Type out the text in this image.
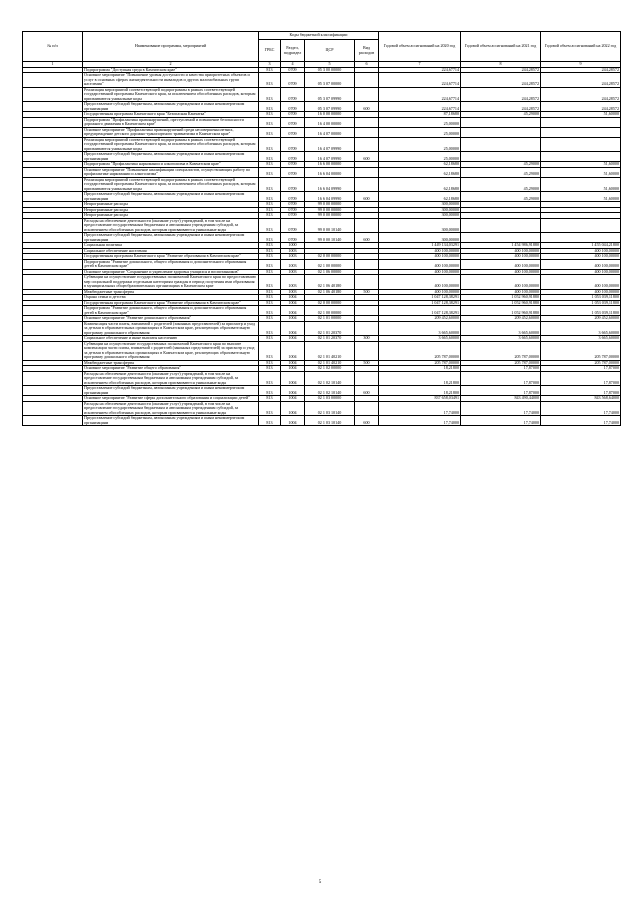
№ п/п	Наименование программы, мероприятий	Коды бюджетной классификации				Годовой объем ассигнований на 2020 год	Годовой объем ассигнований на 2021 год	Годовой объем ассигнований на 2022 год
		ГРБС	Раздел, подраздел	ЦСР	Вид расходов			
1	2	3	4	5	6	7	8	9
	Подпрограмма "Доступная среда в Камчатском крае"	813	0709	05 3 00 00000		224,67714	244,28572	244,28572
	Основное мероприятие "Повышение уровня доступности и качества приоритетных объектов и услуг в основных сферах жизнедеятельности инвалидов и других маломобильных групп населения"	813	0709	05 3 07 00000		224,67714	244,28572	244,28572
	Реализация мероприятий соответствующей подпрограммы в рамках соответствующей государственной программы Камчатского края, за исключением обособленных расходов, которым присваиваются уникальные коды	813	0709	05 3 07 09990		224,67714	244,28572	244,28572
	Предоставление субсидий бюджетным, автономным учреждениям и иным некоммерческим организациям	813	0709	05 3 07 09990	600	224,67714	244,28572	244,28572
	Государственная программа Камчатского края "Безопасная Камчатка"	813	0709	16 0 00 00000		87,18680	45,29000	51,60000
	Подпрограмма "Профилактика правонарушений, преступлений и повышение безопасности дорожного движения в Камчатском крае"	813	0709	16 4 00 00000		25,00000		
	Основное мероприятие "Профилактика правонарушений среди несовершеннолетних, предупреждение детского дорожно-транспортного травматизма в Камчатском крае"	813	0709	16 4 07 00000		25,00000		
	Реализация мероприятий соответствующей подпрограммы в рамках соответствующей государственной программы Камчатского края, за исключением обособленных расходов, которым присваиваются уникальные коды	813	0709	16 4 07 09990		25,00000		
	Предоставление субсидий бюджетным, автономным учреждениям и иным некоммерческим организациям	813	0709	16 4 07 09990	600	25,00000		
	Подпрограмма "Профилактика наркомании и алкоголизма в Камчатском крае"	813	0709	16 6 00 00000		62,18680	45,29000	51,60000
	Основное мероприятие "Повышение квалификации специалистов, осуществляющих работу по профилактике наркомании и алкоголизма"	813	0709	16 6 04 00000		62,18680	45,29000	51,60000
	Реализация мероприятий соответствующей подпрограммы в рамках соответствующей государственной программы Камчатского края, за исключением обособленных расходов, которым присваиваются уникальные коды	813	0709	16 6 04 09990		62,18680	45,29000	51,60000
	Предоставление субсидий бюджетным, автономным учреждениям и иным некоммерческим организациям	813	0709	16 6 04 09990	600	62,18680	45,29000	51,60000
	Непрограммные расходы	813	0709	99 0 00 00000		300,00000		
	Непрограммные расходы	813	0709	99 0 00 00000		300,00000		
	Непрограммные расходы	813	0709	99 0 00 00000		300,00000		
	Расходы на обеспечение деятельности (оказание услуг) учреждений, в том числе на предоставление государственным бюджетным и автономным учреждениям субсидий, за исключением обособленных расходов, которым присваиваются уникальные коды	813	0709	99 0 00 10140		300,00000		
	Предоставление субсидий бюджетным, автономным учреждениям и иным некоммерческим организациям	813	0709	99 0 00 10140	600	300,00000		
	Социальная политика	813	1000			1 449 134,03291	1 454 986,91880	1 455 044,21800
	Социальное обеспечение населения	813	1003			400 100,00000	400 100,00000	400 100,00000
	Государственная программа Камчатского края "Развитие образования в Камчатском крае"	813	1003	02 0 00 00000		400 100,00000	400 100,00000	400 100,00000
	Подпрограмма "Развитие дошкольного, общего образования и дополнительного образования детей в Камчатском крае"	813	1003	02 1 00 00000		400 100,00000	400 100,00000	400 100,00000
	Основное мероприятие "Сохранение и укрепление здоровья учащихся и воспитанников"	813	1003	02 1 06 00000		400 100,00000	400 100,00000	400 100,00000
	Субвенции на осуществление государственных полномочий Камчатского края по предоставлению мер социальной поддержки отдельным категориям граждан в период получения ими образования в муниципальных общеобразовательных организациях в Камчатском крае	813	1003	02 1 06 40180		400 100,00000	400 100,00000	400 100,00000
	Межбюджетные трансферты	813	1003	02 1 06 40180	500	400 100,00000	400 100,00000	400 100,00000
	Охрана семьи и детства	813	1004			1 047 128,38291	1 052 960,91880	1 053 039,11800
	Государственная программа Камчатского края "Развитие образования в Камчатском крае"	813	1004	02 0 00 00000		1 047 128,38291	1 052 960,91880	1 053 039,11800
	Подпрограмма "Развитие дошкольного, общего образования и дополнительного образования детей в Камчатском крае"	813	1004	02 1 00 00000		1 047 128,38291	1 052 960,91880	1 053 039,11800
	Основное мероприятие "Развитие дошкольного образования"	813	1004	02 1 01 00000		209 452,60000	209 452,60000	209 452,60000
	Компенсация части платы, взимаемой с родителей (законных представителей) за присмотр и уход за детьми в образовательных организациях в Камчатском крае, реализующих образовательную программу дошкольного образования	813	1004	02 1 01 20370		3 665,60000	3 665,60000	3 665,60000
	Социальное обеспечение и иные выплаты населению	813	1004	02 1 01 20370	300	3 665,60000	3 665,60000	3 665,60000
	Субвенции на осуществление государственных полномочий Камчатского края по выплате компенсации части платы, взимаемой с родителей (законных представителей) за присмотр и уход за детьми в образовательных организациях в Камчатском крае, реализующих образовательную программу дошкольного образования	813	1004	02 1 01 40210		205 787,00000	205 787,00000	205 787,00000
	Межбюджетные трансферты	813	1004	02 1 01 40210	500	205 787,00000	205 787,00000	205 787,00000
	Основное мероприятие "Развитие общего образования"	813	1004	02 1 02 00000		18,21800	17,87000	17,87000
	Расходы на обеспечение деятельности (оказание услуг) учреждений, в том числе на предоставление государственным бюджетным и автономным учреждениям субсидий, за исключением обособленных расходов, которым присваиваются уникальные коды	813	1004	02 1 02 10140		18,21800	17,87000	17,87000
	Предоставление субсидий бюджетным, автономным учреждениям и иным некоммерческим организациям	813	1004	02 1 02 10140	600	18,21800	17,87000	17,87000
	Основное мероприятие "Развитие сферы дополнительного образования и социализации детей"	813	1004	02 1 03 00000		837 658,03491	843 490,44000	843 568,64000
	Расходы на обеспечение деятельности (оказание услуг) учреждений, в том числе на предоставление государственным бюджетным и автономным учреждениям субсидий, за исключением обособленных расходов, которым присваиваются уникальные коды	813	1004	02 1 03 10140		17,74000	17,74000	17,74000
	Предоставление субсидий бюджетным, автономным учреждениям и иным некоммерческим организациям	813	1004	02 1 03 10140	600	17,74000	17,74000	17,74000
5
